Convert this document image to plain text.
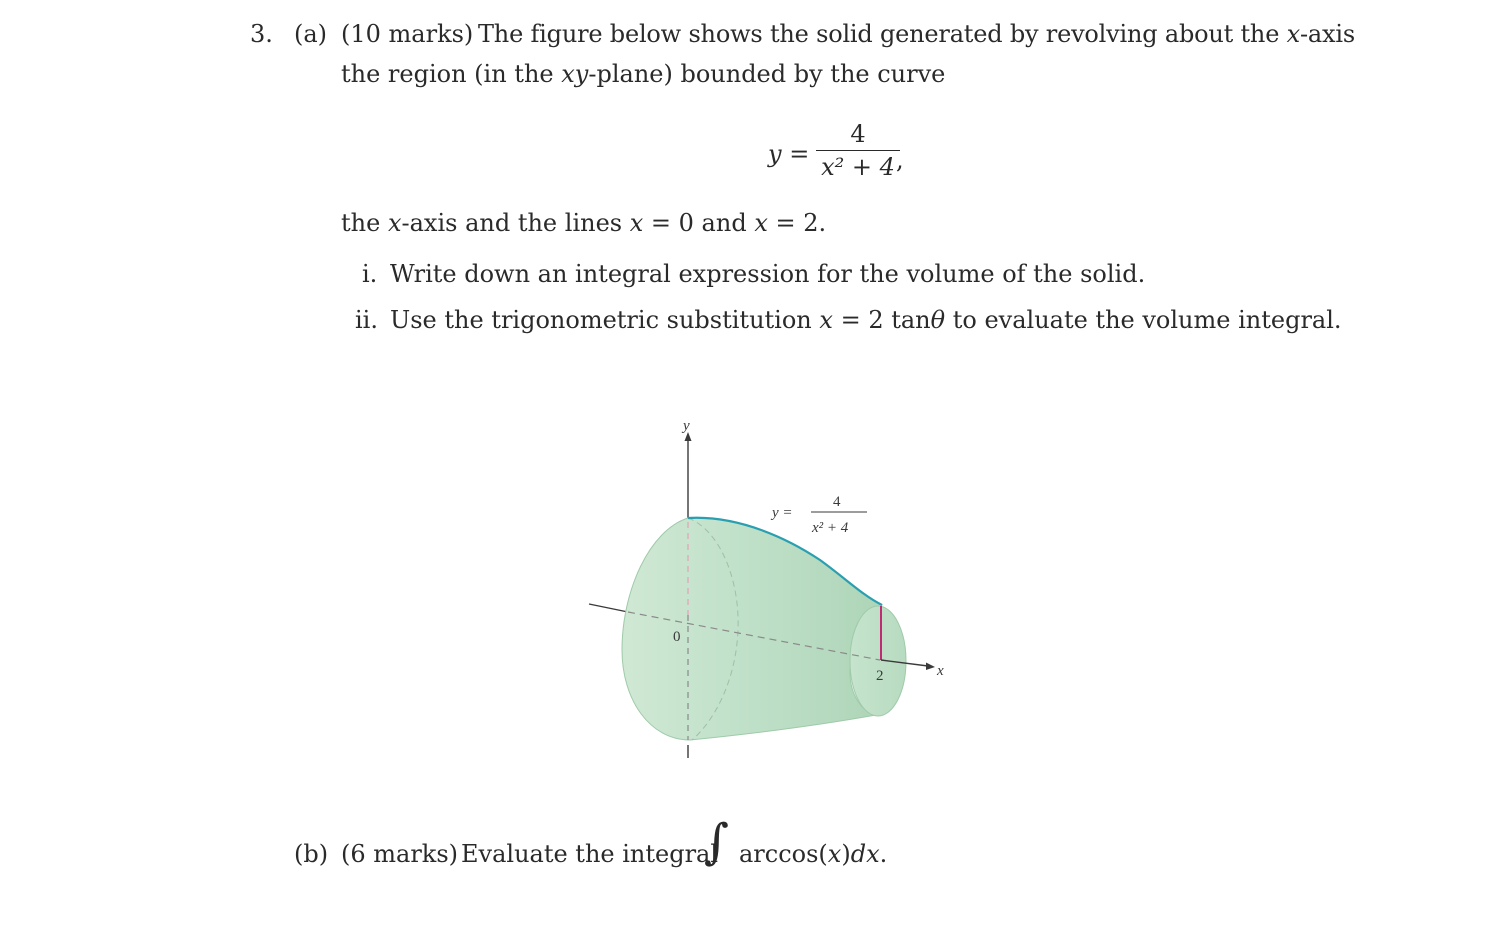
3. (a) (10 marks) The figure below shows the solid generated by revolving about the x-axis
the region (in the xy-plane) bounded by the curve
$y = \frac{4}{\text{x² + 4}}$
,
the x-axis and the lines x = 0 and x = 2.
i. Write down an integral expression for the volume of the solid.
ii. Use the trigonometric substitution x = 2 tanθ to evaluate the volume integral.
y
x
0
2
y =
4
x² + 4
(b) (6 marks) Evaluate the integral
∫ arccos(x)dx.
